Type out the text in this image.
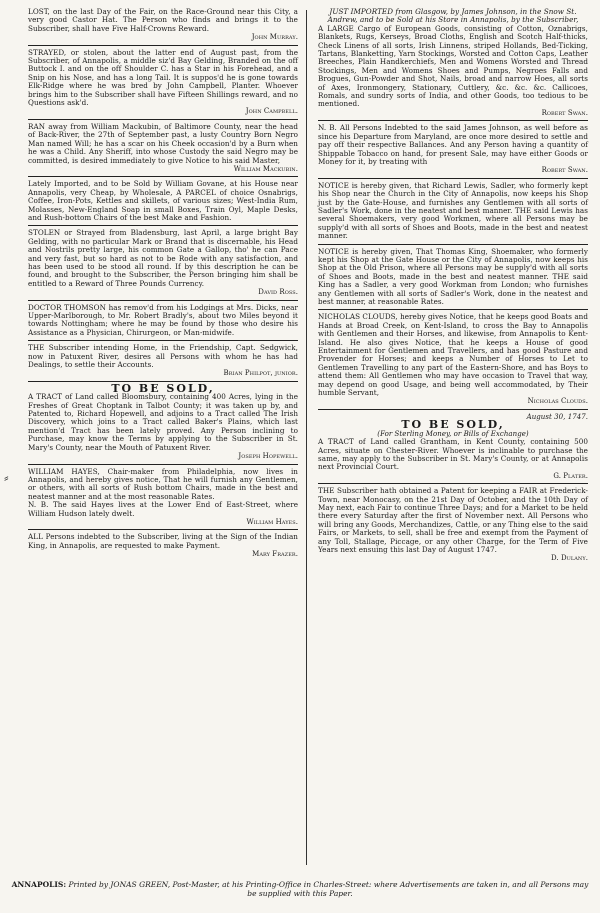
LOST, on the last Day of the Fair, on the Race-Ground near this City, a very good Castor Hat. The Person who finds and brings it to the Subscriber, shall have Five Half-Crowns Reward.

John Murray.

STRAYED, or stolen, about the latter end of August past, from the Subscriber, of Annapolis, a middle siz'd Bay Gelding, Branded on the off Buttock I. and on the off Shoulder C. has a Star in his Forehead, and a Snip on his Nose, and has a long Tail. It is suppos'd he is gone towards Elk-Ridge where he was bred by John Campbell, Planter. Whoever brings him to the Subscriber shall have Fifteen Shillings reward, and no Questions ask'd.

John Campbell.

RAN away from William Mackubin, of Baltimore County, near the head of Back-River, the 27th of September past, a lusty Country Born Negro Man named Will; he has a scar on his Cheek occasion'd by a Burn when he was a Child. Any Sheriff, into whose Custody the said Negro may be committed, is desired immediately to give Notice to his said Master,

William Mackubin.

Lately Imported, and to be Sold by William Govane, at his House near Annapolis, very Cheap, by Wholesale, A PARCEL of choice Osnabrigs, Coffee, Iron-Pots, Kettles and skillets, of various sizes; West-India Rum, Molasses, New-England Soap in small Boxes, Train Oyl, Maple Desks, and Rush-bottom Chairs of the best Make and Fashion.

STOLEN or Strayed from Bladensburg, last April, a large bright Bay Gelding, with no particular Mark or Brand that is discernable, his Head and Nostrils pretty large, his common Gate a Gallop, tho' he can Pace and very fast, but so hard as not to be Rode with any satisfaction, and has been used to be stood all round. If by this description he can be found, and brought to the Subscriber, the Person bringing him shall be entitled to a Reward of Three Pounds Currency.

David Ross.

DOCTOR THOMSON has remov'd from his Lodgings at Mrs. Dicks, near Upper-Marlborough, to Mr. Robert Bradly's, about two Miles beyond it towards Nottingham; where he may be found by those who desire his Assistance as a Physician, Chirurgeon, or Man-midwife.

THE Subscriber intending Home, in the Friendship, Capt. Sedgwick, now in Patuxent River, desires all Persons with whom he has had Dealings, to settle their Accounts.

Brian Philpot, junior.

TO BE SOLD,

A TRACT of Land called Bloomsbury, containing 400 Acres, lying in the Freshes of Great Choptank in Talbot County; it was taken up by, and Patented to, Richard Hopewell, and adjoins to a Tract called The Irish Discovery, which joins to a Tract called Baker's Plains, which last mention'd Tract has been lately proved. Any Person inclining to Purchase, may know the Terms by applying to the Subscriber in St. Mary's County, near the Mouth of Patuxent River.

Joseph Hopewell.

WILLIAM HAYES, Chair-maker from Philadelphia, now lives in Annapolis, and hereby gives notice, That he will furnish any Gentlemen, or others, with all sorts of Rush bottom Chairs, made in the best and neatest manner and at the most reasonable Rates.

N. B. The said Hayes lives at the Lower End of East-Street, where William Hudson lately dwelt.

William Hayes.

ALL Persons indebted to the Subscriber, living at the Sign of the Indian King, in Annapolis, are requested to make Payment.

Mary Frazer.

JUST IMPORTED from Glasgow, by James Johnson, in the Snow St. Andrew, and to be Sold at his Store in Annapolis, by the Subscriber,

A LARGE Cargo of European Goods, consisting of Cotton, Oznabrigs, Blankets, Rugs, Kerseys, Broad Cloths, English and Scotch Half-thicks, Check Linens of all sorts, Irish Linnens, striped Hollands, Bed-Ticking, Tartans, Blanketting, Yarn Stockings, Worsted and Cotton Caps, Leather Breeches, Plain Handkerchiefs, Men and Womens Worsted and Thread Stockings, Men and Womens Shoes and Pumps, Negroes Falls and Brogues, Gun-Powder and Shot, Nails, broad and narrow Hoes, all sorts of Axes, Ironmongery, Stationary, Cuttlery, &c. &c. &c. Callicoes, Romals, and sundry sorts of India, and other Goods, too tedious to be mentioned.

Robert Swan.

N. B. All Persons Indebted to the said James Johnson, as well before as since his Departure from Maryland, are once more desired to settle and pay off their respective Ballances. And any Person having a quantity of Shippable Tobacco on hand, for present Sale, may have either Goods or Money for it, by treating with

Robert Swan.

NOTICE is hereby given, that Richard Lewis, Sadler, who formerly kept his Shop near the Church in the City of Annapolis, now keeps his Shop just by the Gate-House, and furnishes any Gentlemen with all sorts of Sadler's Work, done in the neatest and best manner. THE said Lewis has several Shoemakers, very good Workmen, where all Persons may be supply'd with all sorts of Shoes and Boots, made in the best and neatest manner.

NOTICE is hereby given, That Thomas King, Shoemaker, who formerly kept his Shop at the Gate House or the City of Annapolis, now keeps his Shop at the Old Prison, where all Persons may be supply'd with all sorts of Shoes and Boots, made in the best and neatest manner. THE said King has a Sadler, a very good Workman from London; who furnishes any Gentlemen with all sorts of Sadler's Work, done in the neatest and best manner, at reasonable Rates.

NICHOLAS CLOUDS, hereby gives Notice, that he keeps good Boats and Hands at Broad Creek, on Kent-Island, to cross the Bay to Annapolis with Gentlemen and their Horses, and likewise, from Annapolis to Kent-Island. He also gives Notice, that he keeps a House of good Entertainment for Gentlemen and Travellers, and has good Pasture and Provender for Horses; and keeps a Number of Horses to Let to Gentlemen Travelling to any part of the Eastern-Shore, and has Boys to attend them: All Gentlemen who may have occasion to Travel that way, may depend on good Usage, and being well accommodated, by Their humble Servant,

Nicholas Clouds.

August 30, 1747.

TO BE SOLD,

(For Sterling Money, or Bills of Exchange)

A TRACT of Land called Grantham, in Kent County, containing 500 Acres, situate on Chester-River. Whoever is inclinable to purchase the same, may apply to the Subscriber in St. Mary's County, or at Annapolis next Provincial Court.

G. Plater.

THE Subscriber hath obtained a Patent for keeping a FAIR at Frederick-Town, near Monocasy, on the 21st Day of October, and the 10th Day of May next, each Fair to continue Three Days; and for a Market to be held there every Saturday after the first of November next. All Persons who will bring any Goods, Merchandizes, Cattle, or any Thing else to the said Fairs, or Markets, to sell, shall be free and exempt from the Payment of any Toll, Stallage, Piccage, or any other Charge, for the Term of Five Years next ensuing this last Day of August 1747.

D. Dulany.

⸗
ANNAPOLIS: Printed by JONAS GREEN, Post-Master, at his Printing-Office in Charles-Street: where Advertisements are taken in, and all Persons may be supplied with this Paper.
